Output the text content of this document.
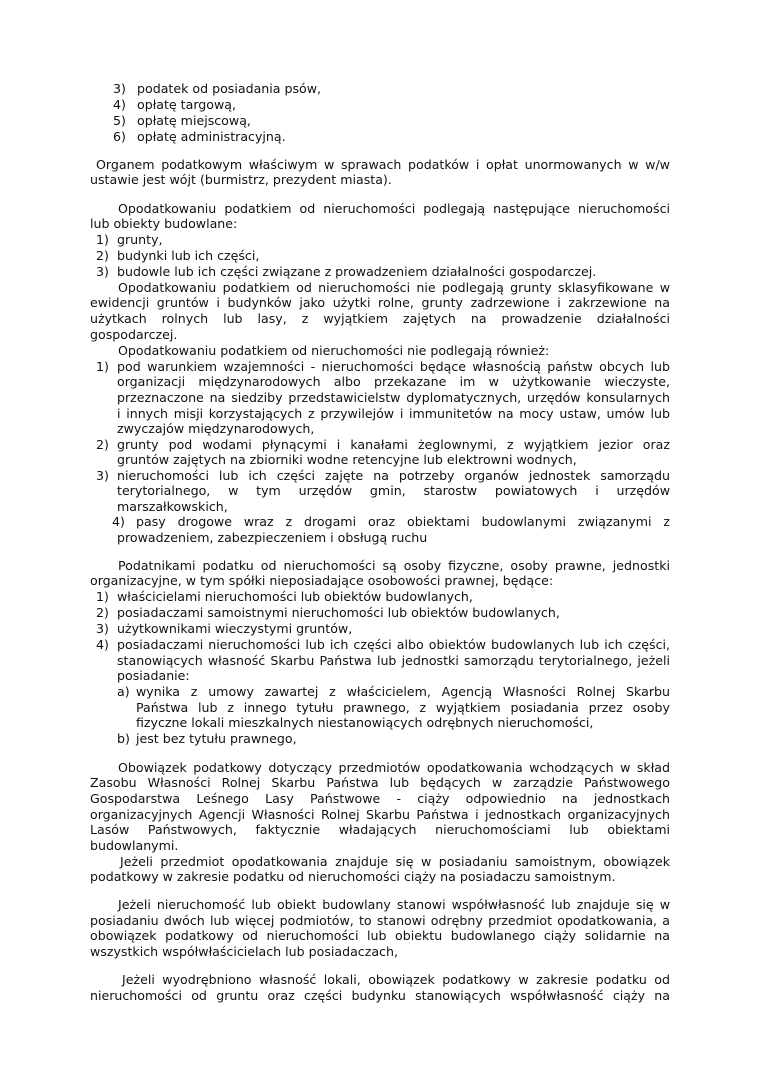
3) podatek od posiadania psów,
4) opłatę targową,
5) opłatę miejscową,
6) opłatę administracyjną.
Organem podatkowym właściwym w sprawach podatków i opłat unormowanych w w/w
ustawie jest wójt (burmistrz, prezydent miasta).
Opodatkowaniu podatkiem od nieruchomości podlegają następujące nieruchomości
lub obiekty budowlane:
1) grunty,
2) budynki lub ich części,
3) budowle lub ich części związane z prowadzeniem działalności gospodarczej.
Opodatkowaniu podatkiem od nieruchomości nie podlegają grunty sklasyfikowane w
ewidencji gruntów i budynków jako użytki rolne, grunty zadrzewione i zakrzewione na
użytkach rolnych lub lasy, z wyjątkiem zajętych na prowadzenie działalności
gospodarczej.
Opodatkowaniu podatkiem od nieruchomości nie podlegają również:
1) pod warunkiem wzajemności - nieruchomości będące własnością państw obcych lub
organizacji międzynarodowych albo przekazane im w użytkowanie wieczyste,
przeznaczone na siedziby przedstawicielstw dyplomatycznych, urzędów konsularnych
i innych misji korzystających z przywilejów i immunitetów na mocy ustaw, umów lub
zwyczajów międzynarodowych,
2) grunty pod wodami płynącymi i kanałami żeglownymi, z wyjątkiem jezior oraz
gruntów zajętych na zbiorniki wodne retencyjne lub elektrowni wodnych,
3) nieruchomości lub ich części zajęte na potrzeby organów jednostek samorządu
terytorialnego, w tym urzędów gmin, starostw powiatowych i urzędów
marszałkowskich,
4) pasy drogowe wraz z drogami oraz obiektami budowlanymi związanymi z
prowadzeniem, zabezpieczeniem i obsługą ruchu
Podatnikami podatku od nieruchomości są osoby fizyczne, osoby prawne, jednostki
organizacyjne, w tym spółki nieposiadające osobowości prawnej, będące:
1) właścicielami nieruchomości lub obiektów budowlanych,
2) posiadaczami samoistnymi nieruchomości lub obiektów budowlanych,
3) użytkownikami wieczystymi gruntów,
4) posiadaczami nieruchomości lub ich części albo obiektów budowlanych lub ich części,
stanowiących własność Skarbu Państwa lub jednostki samorządu terytorialnego, jeżeli
posiadanie:
a) wynika z umowy zawartej z właścicielem, Agencją Własności Rolnej Skarbu
Państwa lub z innego tytułu prawnego, z wyjątkiem posiadania przez osoby
fizyczne lokali mieszkalnych niestanowiących odrębnych nieruchomości,
b) jest bez tytułu prawnego,
Obowiązek podatkowy dotyczący przedmiotów opodatkowania wchodzących w skład
Zasobu Własności Rolnej Skarbu Państwa lub będących w zarządzie Państwowego
Gospodarstwa Leśnego Lasy Państwowe - ciąży odpowiednio na jednostkach
organizacyjnych Agencji Własności Rolnej Skarbu Państwa i jednostkach organizacyjnych
Lasów Państwowych, faktycznie władających nieruchomościami lub obiektami
budowlanymi.
Jeżeli przedmiot opodatkowania znajduje się w posiadaniu samoistnym, obowiązek
podatkowy w zakresie podatku od nieruchomości ciąży na posiadaczu samoistnym.
Jeżeli nieruchomość lub obiekt budowlany stanowi współwłasność lub znajduje się w
posiadaniu dwóch lub więcej podmiotów, to stanowi odrębny przedmiot opodatkowania, a
obowiązek podatkowy od nieruchomości lub obiektu budowlanego ciąży solidarnie na
wszystkich współwłaścicielach lub posiadaczach,
Jeżeli wyodrębniono własność lokali, obowiązek podatkowy w zakresie podatku od
nieruchomości od gruntu oraz części budynku stanowiących współwłasność ciąży na
